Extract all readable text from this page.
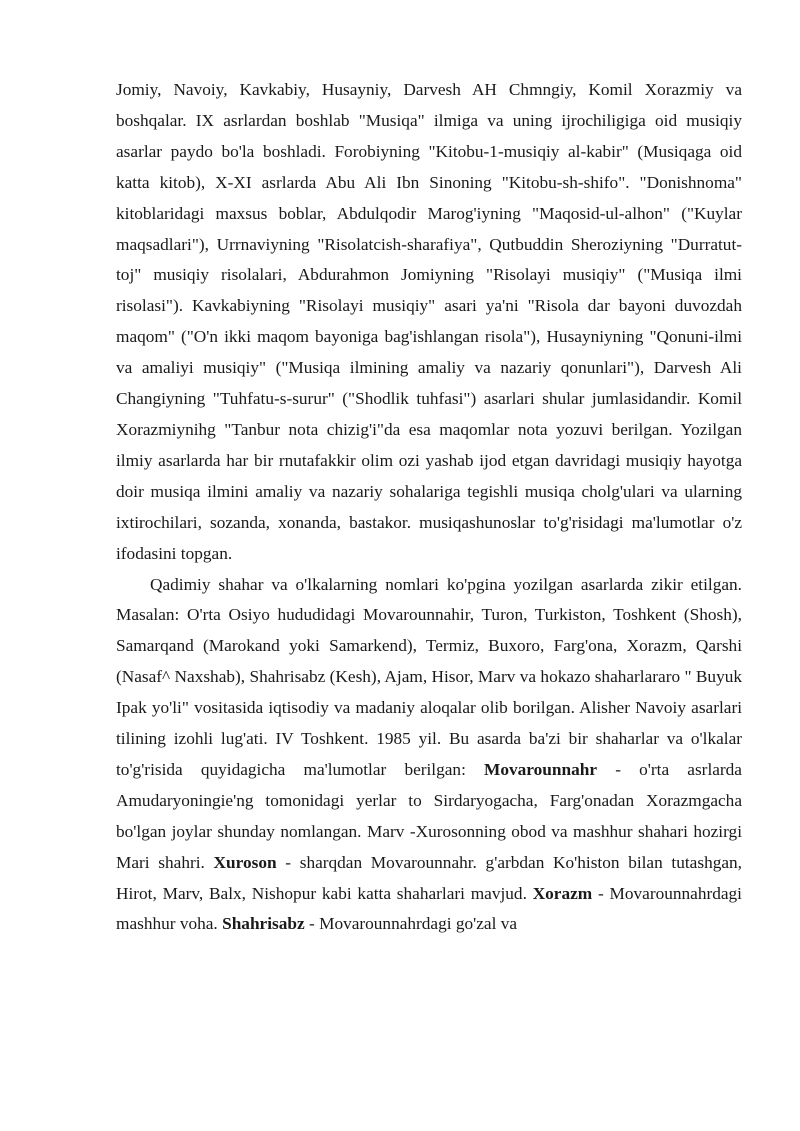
Jomiy, Navoiy, Kavkabiy, Husayniy, Darvesh AH Chmngiy, Komil Xorazmiy va boshqalar. IX asrlardan boshlab "Musiqa" ilmiga va uning ijrochiligiga oid musiqiy asarlar paydo bo'la boshladi. Forobiyning "Kitobu-1-musiqiy al-kabir" (Musiqaga oid katta kitob), X-XI asrlarda Abu Ali Ibn Sinoning "Kitobu-sh-shifo". "Donishnoma" kitoblaridagi maxsus boblar, Abdulqodir Marog'iyning "Maqosid-ul-alhon" ("Kuylar maqsadlari"), Urrnaviyning "Risolatcish-sharafiya", Qutbuddin Sheroziyning "Durratut-toj" musiqiy risolalari, Abdurahmon Jomiyning "Risolayi musiqiy" ("Musiqa ilmi risolasi"). Kavkabiyning "Risolayi musiqiy" asari ya'ni "Risola dar bayoni duvozdah maqom" ("O'n ikki maqom bayoniga bag'ishlangan risola"), Husayniyning "Qonuni-ilmi va amaliyi musiqiy" ("Musiqa ilmining amaliy va nazariy qonunlari"), Darvesh Ali Changiyning "Tuhfatu-s-surur" ("Shodlik tuhfasi") asarlari shular jumlasidandir. Komil Xorazmiynihg "Tanbur nota chizig'i"da esa maqomlar nota yozuvi berilgan. Yozilgan ilmiy asarlarda har bir rnutafakkir olim ozi yashab ijod etgan davridagi musiqiy hayotga doir musiqa ilmini amaliy va nazariy sohalariga tegishli musiqa cholg'ulari va ularning ixtirochilari, sozanda, xonanda, bastakor. musiqashunoslar to'g'risidagi ma'lumotlar o'z ifodasini topgan.

Qadimiy shahar va o'lkalarning nomlari ko'pgina yozilgan asarlarda zikir etilgan. Masalan: O'rta Osiyo hududidagi Movarounnahir, Turon, Turkiston, Toshkent (Shosh), Samarqand (Marokand yoki Samarkend), Termiz, Buxoro, Farg'ona, Xorazm, Qarshi (Nasaf^ Naxshab), Shahrisabz (Kesh), Ajam, Hisor, Marv va hokazo shaharlararo " Buyuk Ipak yo'li" vositasida iqtisodiy va madaniy aloqalar olib borilgan. Alisher Navoiy asarlari tilining izohli lug'ati. IV Toshkent. 1985 yil. Bu asarda ba'zi bir shaharlar va o'lkalar to'g'risida quyidagicha ma'lumotlar berilgan: Movarounnahr - o'rta asrlarda Amudaryoningie'ng tomonidagi yerlar to Sirdaryogacha, Farg'onadan Xorazmgacha bo'lgan joylar shunday nomlangan. Marv -Xurosonning obod va mashhur shahari hozirgi Mari shahri. Xuroson - sharqdan Movarounnahr. g'arbdan Ko'histon bilan tutashgan, Hirot, Marv, Balx, Nishopur kabi katta shaharlari mavjud. Xorazm - Movarounnahrdagi mashhur voha. Shahrisabz - Movarounnahrdagi go'zal va
